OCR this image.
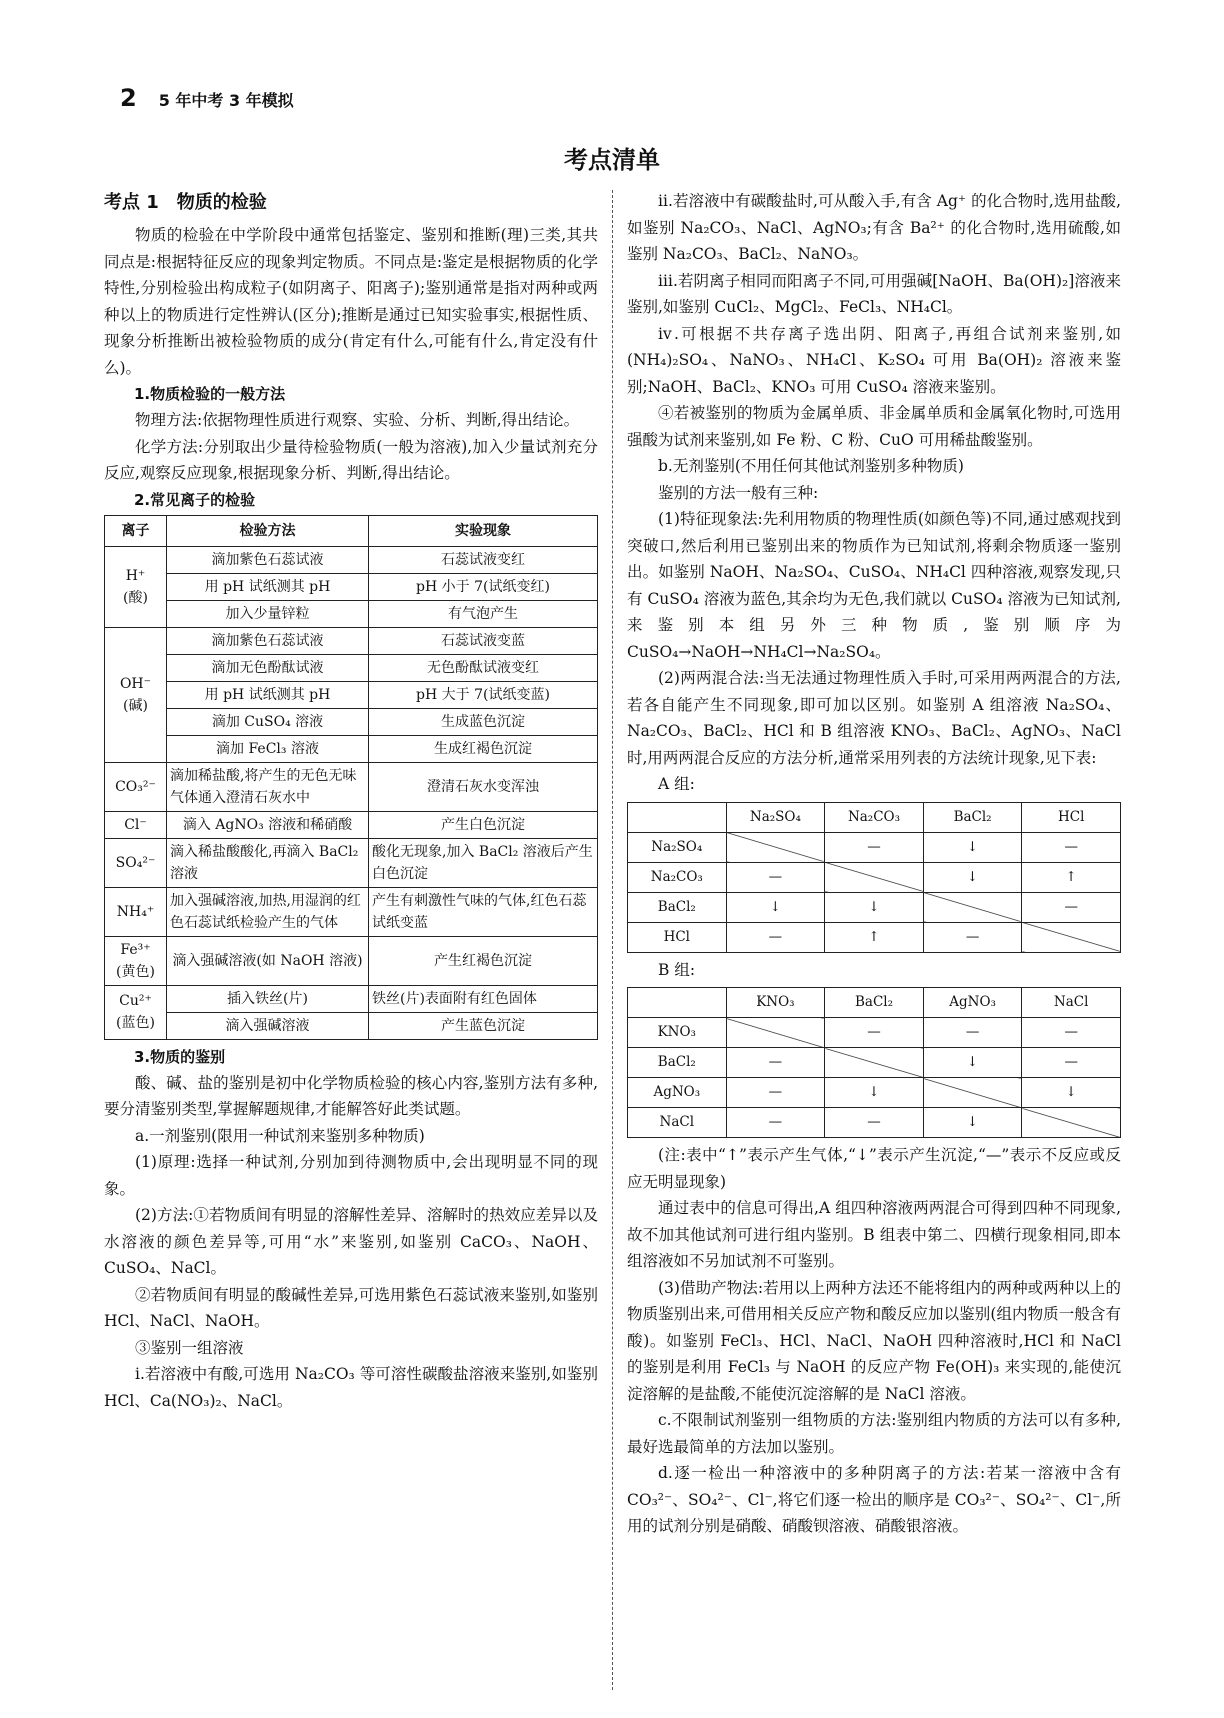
2 5 年中考 3 年模拟
考点清单
考点 1　物质的检验

物质的检验在中学阶段中通常包括鉴定、鉴别和推断(理)三类,其共同点是:根据特征反应的现象判定物质。不同点是:鉴定是根据物质的化学特性,分别检验出构成粒子(如阴离子、阳离子);鉴别通常是指对两种或两种以上的物质进行定性辨认(区分);推断是通过已知实验事实,根据性质、现象分析推断出被检验物质的成分(肯定有什么,可能有什么,肯定没有什么)。

1.物质检验的一般方法

物理方法:依据物理性质进行观察、实验、分析、判断,得出结论。

化学方法:分别取出少量待检验物质(一般为溶液),加入少量试剂充分反应,观察反应现象,根据现象分析、判断,得出结论。

2.常见离子的检验
离子	检验方法	实验现象
H⁺
(酸)	滴加紫色石蕊试液	石蕊试液变红
	用 pH 试纸测其 pH	pH 小于 7(试纸变红)
	加入少量锌粒	有气泡产生
OH⁻
(碱)	滴加紫色石蕊试液	石蕊试液变蓝
	滴加无色酚酞试液	无色酚酞试液变红
	用 pH 试纸测其 pH	pH 大于 7(试纸变蓝)
	滴加 CuSO₄ 溶液	生成蓝色沉淀
	滴加 FeCl₃ 溶液	生成红褐色沉淀
CO₃²⁻	滴加稀盐酸,将产生的无色无味气体通入澄清石灰水中	澄清石灰水变浑浊
Cl⁻	滴入 AgNO₃ 溶液和稀硝酸	产生白色沉淀
SO₄²⁻	滴入稀盐酸酸化,再滴入 BaCl₂ 溶液	酸化无现象,加入 BaCl₂ 溶液后产生白色沉淀
NH₄⁺	加入强碱溶液,加热,用湿润的红色石蕊试纸检验产生的气体	产生有刺激性气味的气体,红色石蕊试纸变蓝
Fe³⁺
(黄色)	滴入强碱溶液(如 NaOH 溶液)	产生红褐色沉淀
Cu²⁺
(蓝色)	插入铁丝(片)	铁丝(片)表面附有红色固体
	滴入强碱溶液	产生蓝色沉淀
3.物质的鉴别

酸、碱、盐的鉴别是初中化学物质检验的核心内容,鉴别方法有多种,要分清鉴别类型,掌握解题规律,才能解答好此类试题。

a.一剂鉴别(限用一种试剂来鉴别多种物质)

(1)原理:选择一种试剂,分别加到待测物质中,会出现明显不同的现象。

(2)方法:①若物质间有明显的溶解性差异、溶解时的热效应差异以及水溶液的颜色差异等,可用“水”来鉴别,如鉴别 CaCO₃、NaOH、CuSO₄、NaCl。

②若物质间有明显的酸碱性差异,可选用紫色石蕊试液来鉴别,如鉴别 HCl、NaCl、NaOH。

③鉴别一组溶液

ⅰ.若溶液中有酸,可选用 Na₂CO₃ 等可溶性碳酸盐溶液来鉴别,如鉴别 HCl、Ca(NO₃)₂、NaCl。

ⅱ.若溶液中有碳酸盐时,可从酸入手,有含 Ag⁺ 的化合物时,选用盐酸,如鉴别 Na₂CO₃、NaCl、AgNO₃;有含 Ba²⁺ 的化合物时,选用硫酸,如鉴别 Na₂CO₃、BaCl₂、NaNO₃。

ⅲ.若阴离子相同而阳离子不同,可用强碱[NaOH、Ba(OH)₂]溶液来鉴别,如鉴别 CuCl₂、MgCl₂、FeCl₃、NH₄Cl。

ⅳ.可根据不共存离子选出阴、阳离子,再组合试剂来鉴别,如(NH₄)₂SO₄、NaNO₃、NH₄Cl、K₂SO₄ 可用 Ba(OH)₂ 溶液来鉴别;NaOH、BaCl₂、KNO₃ 可用 CuSO₄ 溶液来鉴别。

④若被鉴别的物质为金属单质、非金属单质和金属氧化物时,可选用强酸为试剂来鉴别,如 Fe 粉、C 粉、CuO 可用稀盐酸鉴别。

b.无剂鉴别(不用任何其他试剂鉴别多种物质)

鉴别的方法一般有三种:

(1)特征现象法:先利用物质的物理性质(如颜色等)不同,通过感观找到突破口,然后利用已鉴别出来的物质作为已知试剂,将剩余物质逐一鉴别出。如鉴别 NaOH、Na₂SO₄、CuSO₄、NH₄Cl 四种溶液,观察发现,只有 CuSO₄ 溶液为蓝色,其余均为无色,我们就以 CuSO₄ 溶液为已知试剂,来鉴别本组另外三种物质,鉴别顺序为 CuSO₄→NaOH→NH₄Cl→Na₂SO₄。

(2)两两混合法:当无法通过物理性质入手时,可采用两两混合的方法,若各自能产生不同现象,即可加以区别。如鉴别 A 组溶液 Na₂SO₄、Na₂CO₃、BaCl₂、HCl 和 B 组溶液 KNO₃、BaCl₂、AgNO₃、NaCl 时,用两两混合反应的方法分析,通常采用列表的方法统计现象,见下表:

A 组:

	Na₂SO₄	Na₂CO₃	BaCl₂	HCl
Na₂SO₄		—	↓	—
Na₂CO₃	—		↓	↑
BaCl₂	↓	↓		—
HCl	—	↑	—	

B 组:

	KNO₃	BaCl₂	AgNO₃	NaCl
KNO₃		—	—	—
BaCl₂	—		↓	—
AgNO₃	—	↓		↓
NaCl	—	—	↓	

(注:表中“↑”表示产生气体,“↓”表示产生沉淀,“—”表示不反应或反应无明显现象)

通过表中的信息可得出,A 组四种溶液两两混合可得到四种不同现象,故不加其他试剂可进行组内鉴别。B 组表中第二、四横行现象相同,即本组溶液如不另加试剂不可鉴别。

(3)借助产物法:若用以上两种方法还不能将组内的两种或两种以上的物质鉴别出来,可借用相关反应产物和酸反应加以鉴别(组内物质一般含有酸)。如鉴别 FeCl₃、HCl、NaCl、NaOH 四种溶液时,HCl 和 NaCl 的鉴别是利用 FeCl₃ 与 NaOH 的反应产物 Fe(OH)₃ 来实现的,能使沉淀溶解的是盐酸,不能使沉淀溶解的是 NaCl 溶液。

c.不限制试剂鉴别一组物质的方法:鉴别组内物质的方法可以有多种,最好选最简单的方法加以鉴别。

d.逐一检出一种溶液中的多种阴离子的方法:若某一溶液中含有 CO₃²⁻、SO₄²⁻、Cl⁻,将它们逐一检出的顺序是 CO₃²⁻、SO₄²⁻、Cl⁻,所用的试剂分别是硝酸、硝酸钡溶液、硝酸银溶液。
